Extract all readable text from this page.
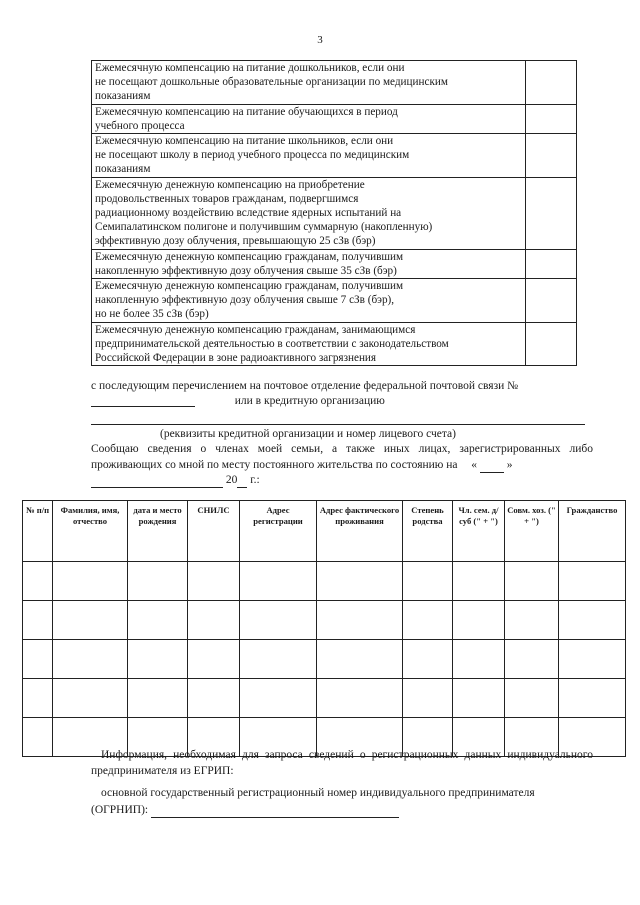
3
Ежемесячную компенсацию на питание дошкольников, если они
не посещают дошкольные образовательные организации по медицинским
показаниям	

Ежемесячную компенсацию на питание обучающихся в период
учебного процесса	

Ежемесячную компенсацию на питание школьников, если они
не посещают школу в период учебного процесса по медицинским
показаниям	

Ежемесячную денежную компенсацию на приобретение
продовольственных товаров гражданам, подвергшимся
радиационному воздействию вследствие ядерных испытаний на
Семипалатинском полигоне и получившим суммарную (накопленную)
эффективную дозу облучения, превышающую 25 сЗв (бэр)	

Ежемесячную денежную компенсацию гражданам, получившим
накопленную эффективную дозу облучения свыше 35 сЗв (бэр)	

Ежемесячную денежную компенсацию гражданам, получившим
накопленную эффективную дозу облучения свыше 7 сЗв (бэр),
но не более 35 сЗв (бэр)	

Ежемесячную денежную компенсацию гражданам, занимающимся
предпринимательской деятельностью в соответствии с законодательством
Российской Федерации в зоне радиоактивного загрязнения	

с последующим перечислением на почтовое отделение федеральной почтовой связи №
или в кредитную организацию
(реквизиты кредитной организации и номер лицевого счета)
Сообщаю сведения о членах моей семьи, а также иных лицах, зарегистрированных либо проживающих со мной по месту постоянного жительства по состоянию на «	»
20 г.:
№ п/п	Фамилия, имя, отчество	дата и место рождения	СНИЛС	Адрес регистрации	Адрес фактического проживания	Степень родства	Чл. сем. д/суб (" + ")	Совм. хоз. (" + ")	Гражданство

Информация, необходимая для запроса сведений о регистрационных данных индивидуального предпринимателя из ЕГРИП:
основной государственный регистрационный номер индивидуального предпринимателя
(ОГРНИП):
